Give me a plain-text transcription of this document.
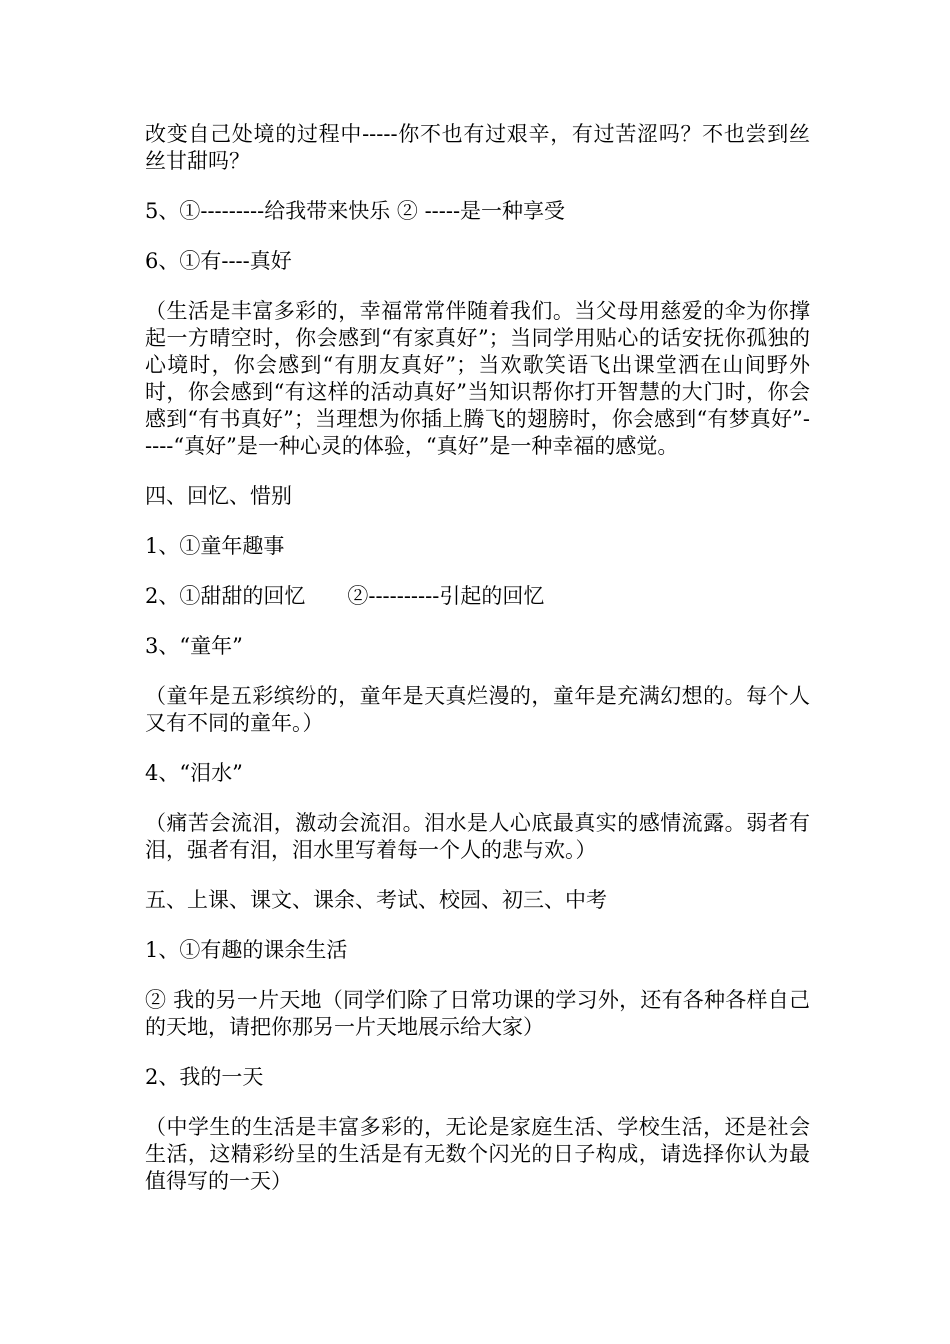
改变自己处境的过程中-----你不也有过艰辛，有过苦涩吗？不也尝到丝丝甘甜吗？

5、①---------给我带来快乐 ② -----是一种享受

6、①有----真好

（生活是丰富多彩的，幸福常常伴随着我们。当父母用慈爱的伞为你撑起一方晴空时，你会感到“有家真好”；当同学用贴心的话安抚你孤独的心境时，你会感到“有朋友真好”；当欢歌笑语飞出课堂洒在山间野外时，你会感到“有这样的活动真好”当知识帮你打开智慧的大门时，你会感到“有书真好”；当理想为你插上腾飞的翅膀时，你会感到“有梦真好”-----“真好”是一种心灵的体验，“真好”是一种幸福的感觉。

四、回忆、惜别

1、①童年趣事

2、①甜甜的回忆　　②----------引起的回忆

3、“童年”

（童年是五彩缤纷的，童年是天真烂漫的，童年是充满幻想的。每个人又有不同的童年。）

4、“泪水”

（痛苦会流泪，激动会流泪。泪水是人心底最真实的感情流露。弱者有泪，强者有泪，泪水里写着每一个人的悲与欢。）

五、上课、课文、课余、考试、校园、初三、中考

1、①有趣的课余生活

② 我的另一片天地（同学们除了日常功课的学习外，还有各种各样自己的天地，请把你那另一片天地展示给大家）

2、我的一天

（中学生的生活是丰富多彩的，无论是家庭生活、学校生活，还是社会生活，这精彩纷呈的生活是有无数个闪光的日子构成，请选择你认为最值得写的一天）
